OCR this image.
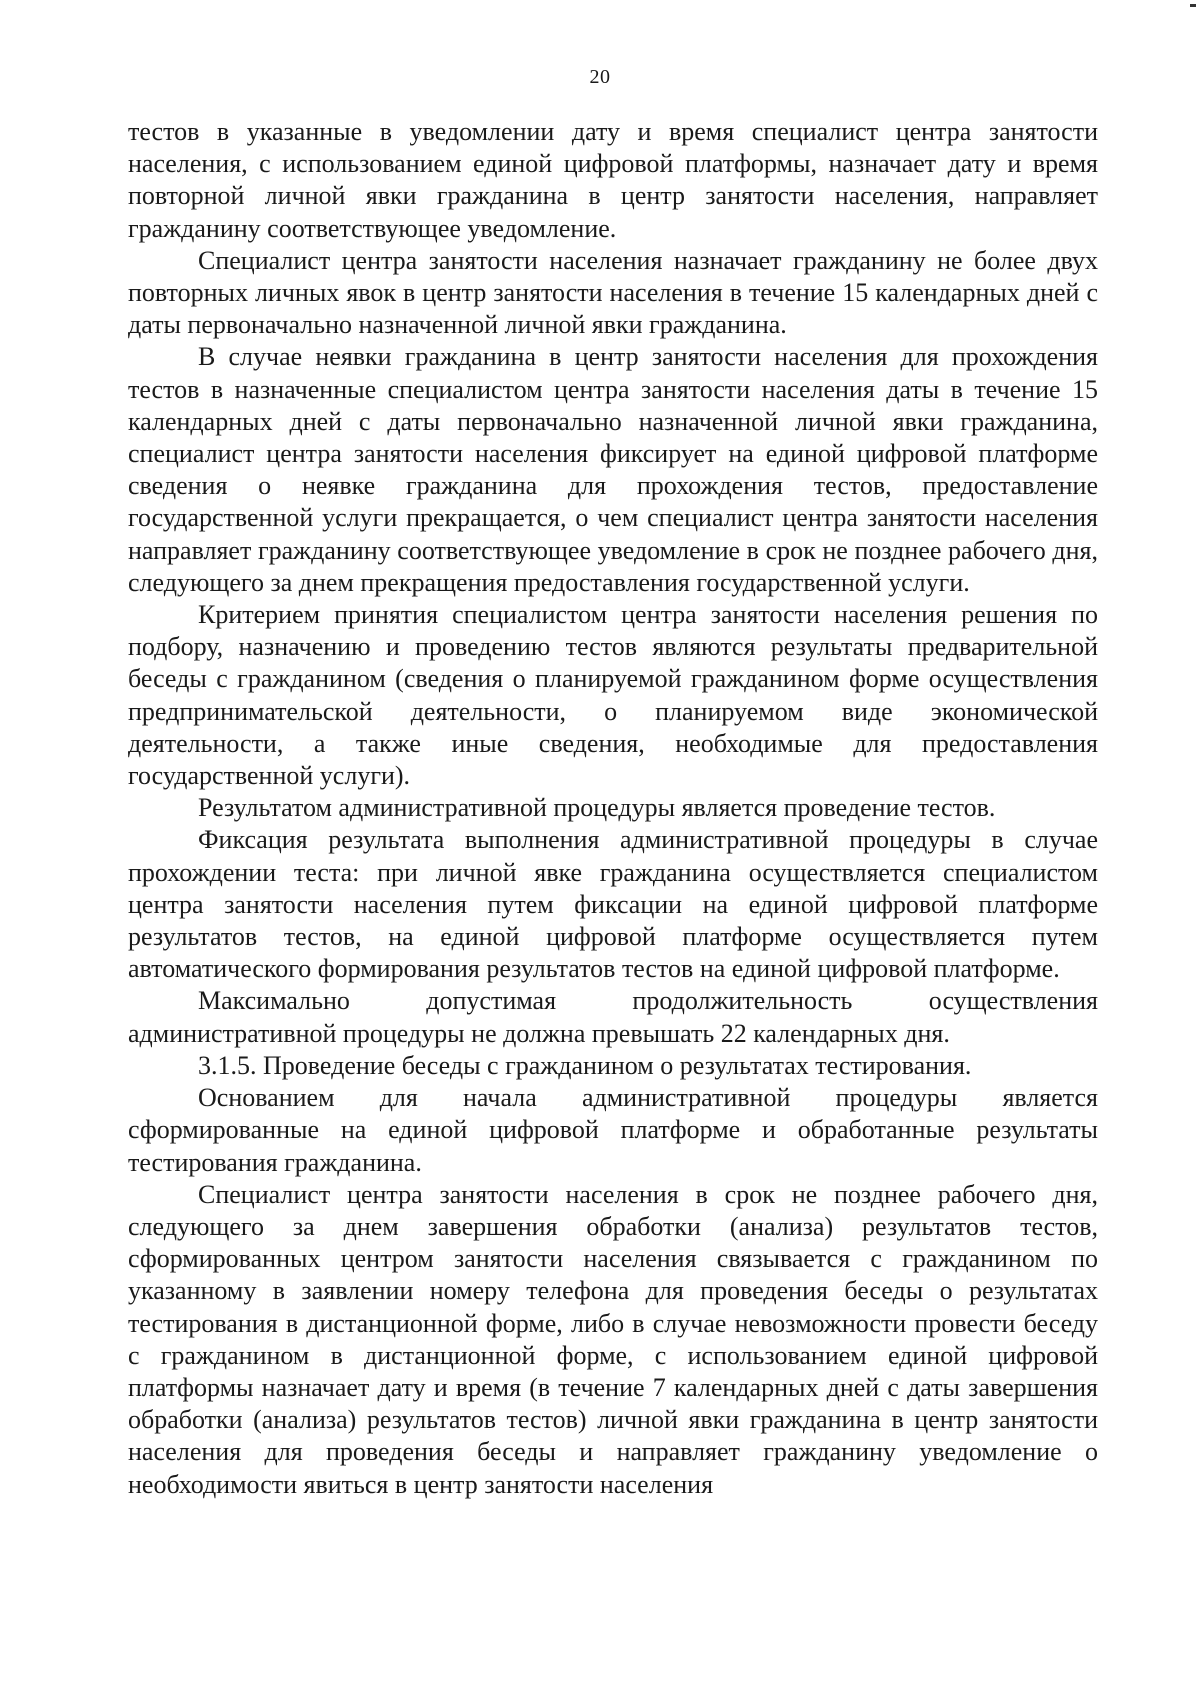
20

тестов в указанные в уведомлении дату и время специалист центра занятости населения, с использованием единой цифровой платформы, назначает дату и время повторной личной явки гражданина в центр занятости населения, направляет гражданину соответствующее уведомление.

Специалист центра занятости населения назначает гражданину не более двух повторных личных явок в центр занятости населения в течение 15 календарных дней с даты первоначально назначенной личной явки гражданина.

В случае неявки гражданина в центр занятости населения для прохождения тестов в назначенные специалистом центра занятости населения даты в течение 15 календарных дней с даты первоначально назначенной личной явки гражданина, специалист центра занятости населения фиксирует на единой цифровой платформе сведения о неявке гражданина для прохождения тестов, предоставление государственной услуги прекращается, о чем специалист центра занятости населения направляет гражданину соответствующее уведомление в срок не позднее рабочего дня, следующего за днем прекращения предоставления государственной услуги.

Критерием принятия специалистом центра занятости населения решения по подбору, назначению и проведению тестов являются результаты предварительной беседы с гражданином (сведения о планируемой гражданином форме осуществления предпринимательской деятельности, о планируемом виде экономической деятельности, а также иные сведения, необходимые для предоставления государственной услуги).

Результатом административной процедуры является проведение тестов.

Фиксация результата выполнения административной процедуры в случае прохождении теста: при личной явке гражданина осуществляется специалистом центра занятости населения путем фиксации на единой цифровой платформе результатов тестов, на единой цифровой платформе осуществляется путем автоматического формирования результатов тестов на единой цифровой платформе.

Максимально допустимая продолжительность осуществления административной процедуры не должна превышать 22 календарных дня.

3.1.5. Проведение беседы с гражданином о результатах тестирования.

Основанием для начала административной процедуры является сформированные на единой цифровой платформе и обработанные результаты тестирования гражданина.

Специалист центра занятости населения в срок не позднее рабочего дня, следующего за днем завершения обработки (анализа) результатов тестов, сформированных центром занятости населения связывается с гражданином по указанному в заявлении номеру телефона для проведения беседы о результатах тестирования в дистанционной форме, либо в случае невозможности провести беседу с гражданином в дистанционной форме, с использованием единой цифровой платформы назначает дату и время (в течение 7 календарных дней с даты завершения обработки (анализа) результатов тестов) личной явки гражданина в центр занятости населения для проведения беседы и направляет гражданину уведомление о необходимости явиться в центр занятости населения
